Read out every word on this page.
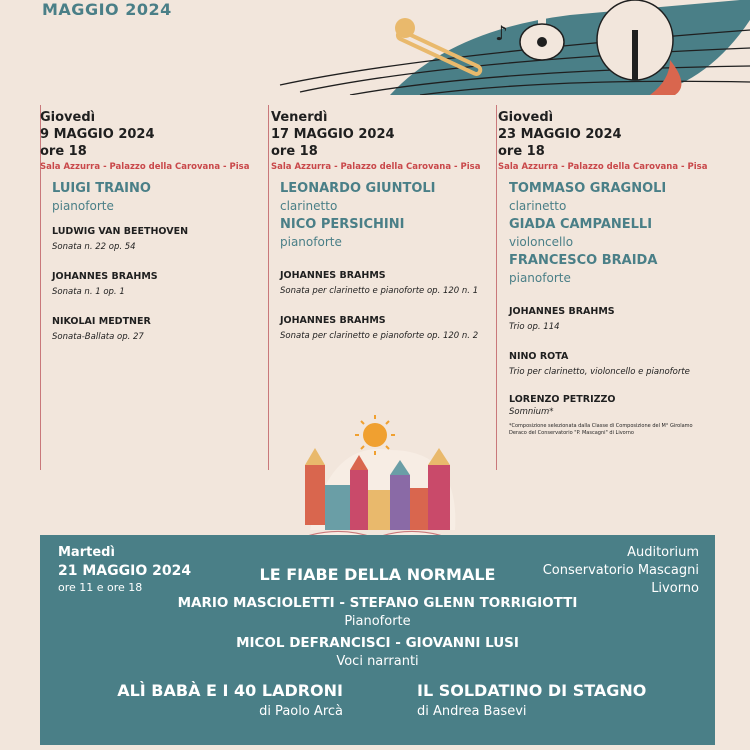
MAGGIO 2024
♪
Giovedì
9 MAGGIO 2024
ore 18
Sala Azzurra - Palazzo della Carovana - Pisa
LUIGI TRAINO
pianoforte
LUDWIG VAN BEETHOVEN
Sonata n. 22 op. 54
JOHANNES BRAHMS
Sonata n. 1 op. 1
NIKOLAI MEDTNER
Sonata-Ballata op. 27
Venerdì
17 MAGGIO 2024
ore 18
Sala Azzurra - Palazzo della Carovana - Pisa
LEONARDO GIUNTOLI
clarinetto
NICO PERSICHINI
pianoforte
JOHANNES BRAHMS
Sonata per clarinetto e pianoforte op. 120 n. 1
JOHANNES BRAHMS
Sonata per clarinetto e pianoforte op. 120 n. 2
Giovedì
23 MAGGIO 2024
ore 18
Sala Azzurra - Palazzo della Carovana - Pisa
TOMMASO GRAGNOLI
clarinetto
GIADA CAMPANELLI
violoncello
FRANCESCO BRAIDA
pianoforte
JOHANNES BRAHMS
Trio op. 114
NINO ROTA
Trio per clarinetto, violoncello e pianoforte
LORENZO PETRIZZO
Somnium*
*Composizione selezionata dalla Classe di Composizione del M° Girolamo Deraco del Conservatorio "P. Mascagni" di Livorno
Martedì
21 MAGGIO 2024
ore 11 e ore 18
Auditorium
Conservatorio Mascagni
Livorno
LE FIABE DELLA NORMALE
MARIO MASCIOLETTI - STEFANO GLENN TORRIGIOTTI
Pianoforte
MICOL DEFRANCISCI - GIOVANNI LUSI
Voci narranti
ALÌ BABÀ E I 40 LADRONI
di Paolo Arcà
IL SOLDATINO DI STAGNO
di Andrea Basevi
